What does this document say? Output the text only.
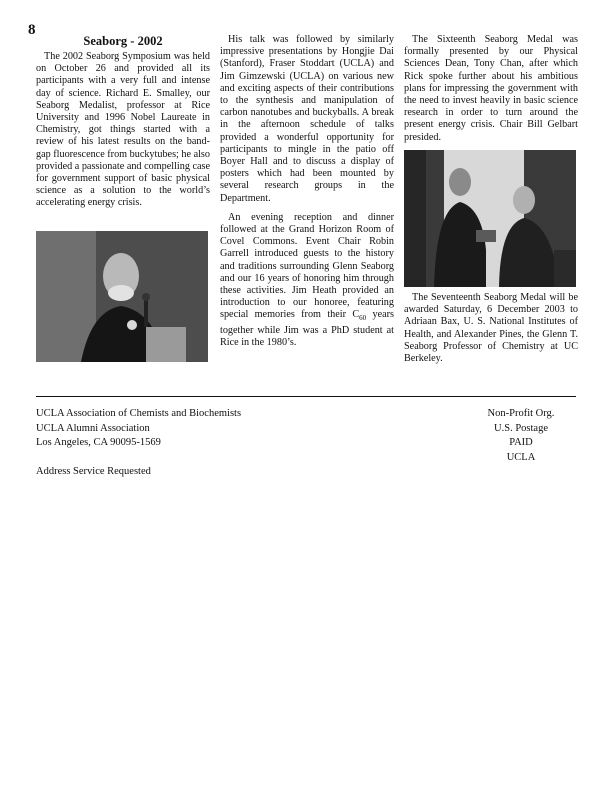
8
Seaborg - 2002

The 2002 Seaborg Symposium was held on October 26 and provided all its participants with a very full and intense day of science. Richard E. Smalley, our Seaborg Medalist, professor at Rice University and 1996 Nobel Laureate in Chemistry, got things started with a review of his latest results on the band-gap fluorescence from buckytubes; he also provided a passionate and compelling case for government support of basic physical science as a solution to the world’s accelerating energy crisis.

His talk was followed by similarly impressive presentations by Hongjie Dai (Stanford), Fraser Stoddart (UCLA) and Jim Gimzewski (UCLA) on various new and exciting aspects of their contributions to the synthesis and manipulation of carbon nanotubes and buckyballs. A break in the afternoon schedule of talks provided a wonderful opportunity for participants to mingle in the patio off Boyer Hall and to discuss a display of posters which had been mounted by several research groups in the Department.

An evening reception and dinner followed at the Grand Horizon Room of Covel Commons. Event Chair Robin Garrell introduced guests to the history and traditions surrounding Glenn Seaborg and our 16 years of honoring him through these activities. Jim Heath provided an introduction to our honoree, featuring special memories from their $C_{60}$ years together while Jim was a PhD student at Rice in the 1980’s.

The Sixteenth Seaborg Medal was formally presented by our Physical Sciences Dean, Tony Chan, after which Rick spoke further about his ambitious plans for impressing the government with the need to invest heavily in basic science research in order to turn around the present energy crisis. Chair Bill Gelbart presided.

The Seventeenth Seaborg Medal will be awarded Saturday, 6 December 2003 to Adriaan Bax, U. S. National Institutes of Health, and Alexander Pines, the Glenn T. Seaborg Professor of Chemistry at UC Berkeley.

UCLA Association of Chemists and Biochemists
UCLA Alumni Association
Los Angeles, CA 90095-1569
Address Service Requested
Non-Profit Org.
U.S. Postage
PAID
UCLA
